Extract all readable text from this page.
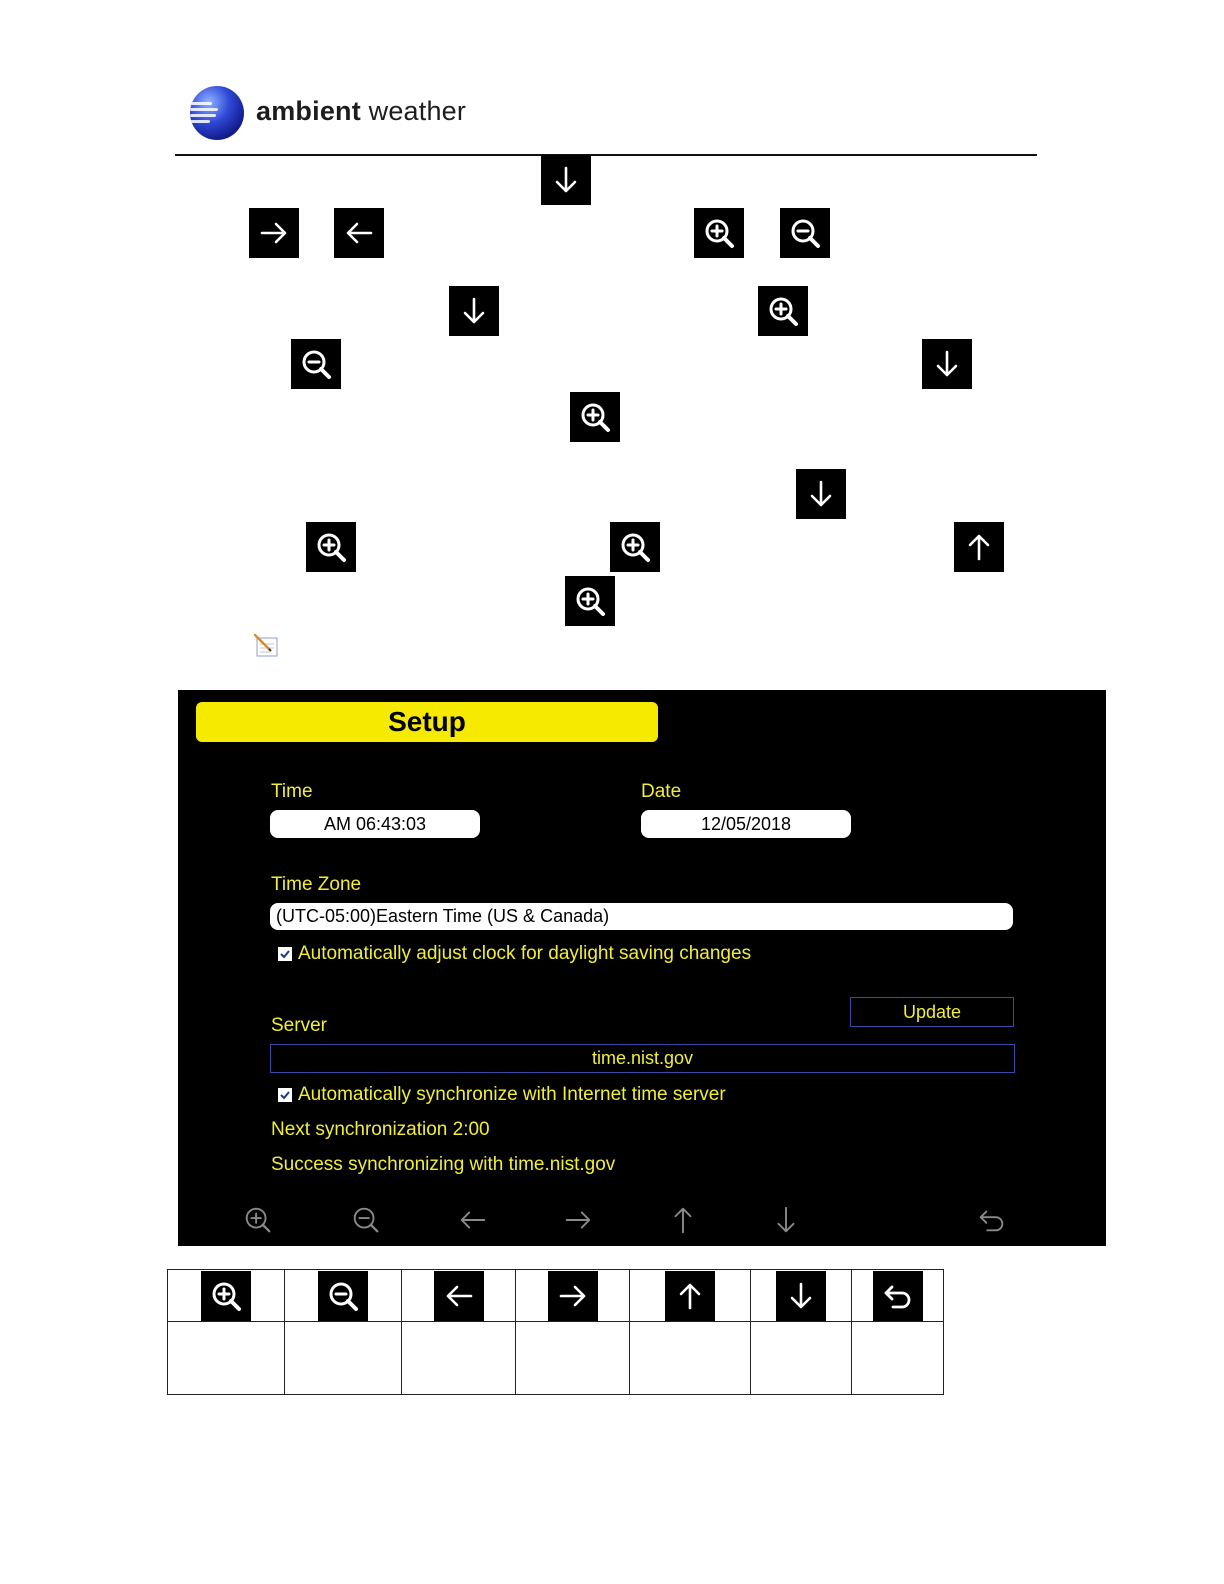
ambient weather
Setup
Time
AM 06:43:03
Date
12/05/2018
Time Zone
(UTC-05:00)Eastern Time (US & Canada)
Automatically adjust clock for daylight saving changes
Update
Server
time.nist.gov
Automatically synchronize with Internet time server
Next synchronization 2:00
Success synchronizing with time.nist.gov
